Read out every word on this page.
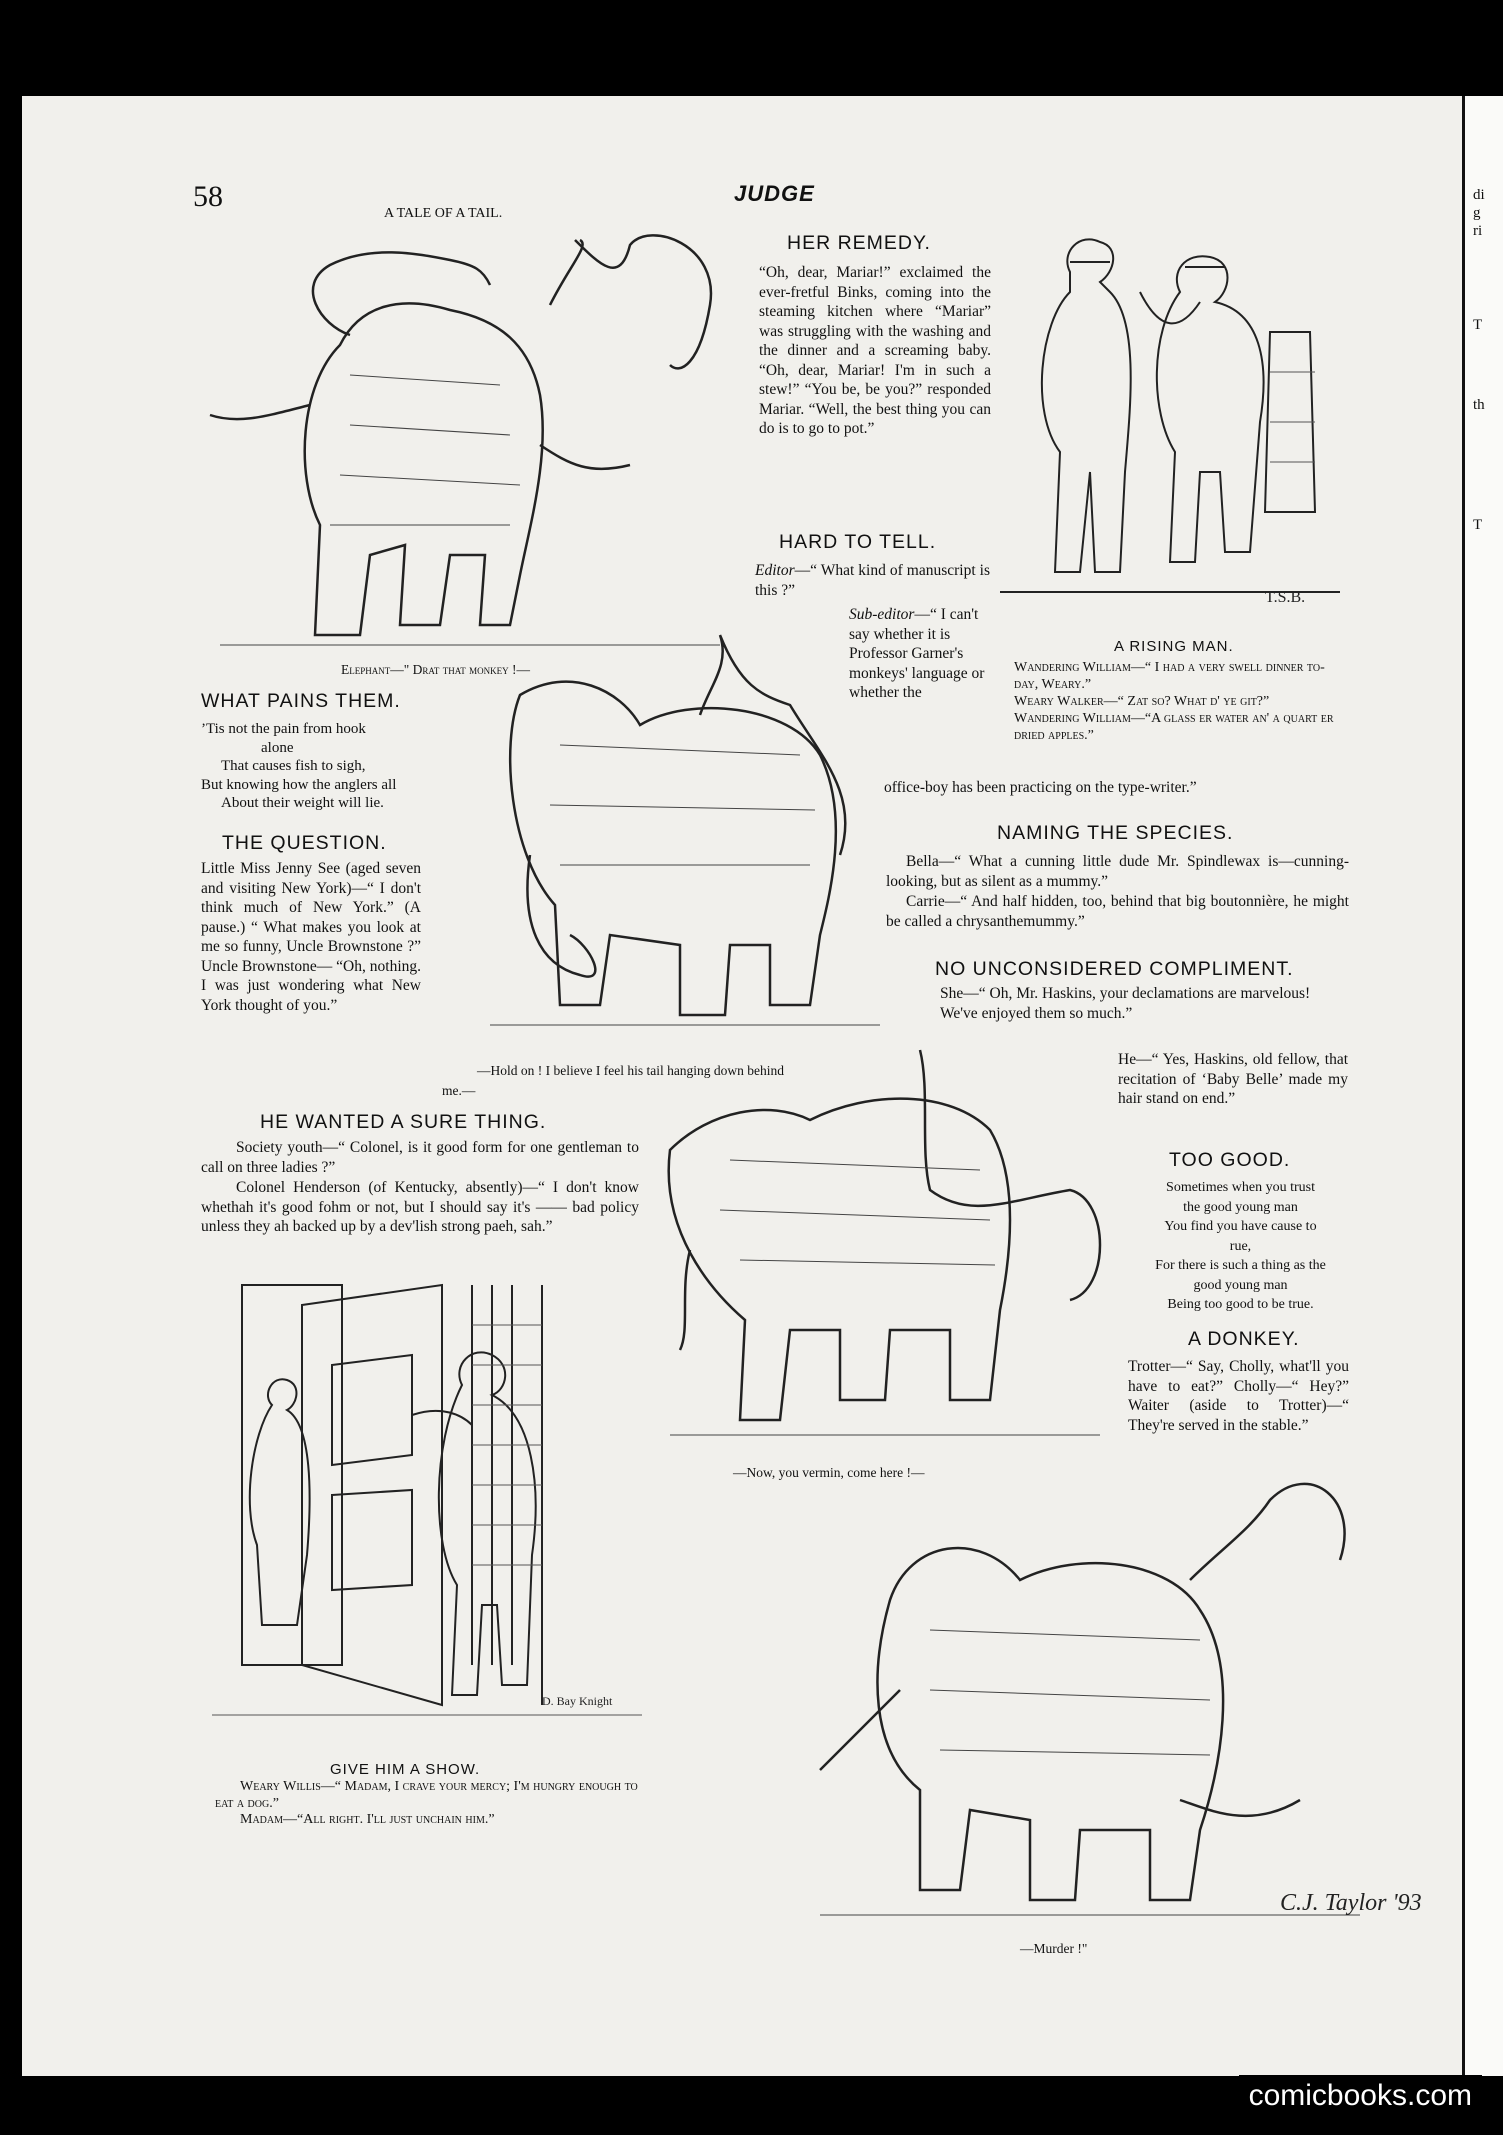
di
g
ri
T
th
T
58	JUDGE
A TALE OF A TAIL.
Elephant—" Drat that monkey !—
—Hold on ! I believe I feel his tail hanging down behind
me.—
—Now, you vermin, come here !—
C.J. Taylor '93
—Murder !"
HER REMEDY.
“Oh, dear, Mariar!” exclaimed the ever-fretful Binks, coming into the steaming kitchen where “Mariar” was struggling with the washing and the dinner and a screaming baby. “Oh, dear, Mariar! I'm in such a stew!” “You be, be you?” responded Mariar. “Well, the best thing you can do is to go to pot.”
HARD TO TELL.
Editor—“ What kind of manuscript is this ?”
Sub-editor—“ I can't say whether it is Professor Garner's monkeys' language or whether the
office-boy has been practicing on the type-writer.”
T.S.B.
A RISING MAN.
Wandering William—“ I had a very swell dinner to-day, Weary.”
Weary Walker—“ Zat so? What d' ye git?”
Wandering William—“A glass er water an' a quart er dried apples.”
WHAT PAINS THEM.
’Tis not the pain from hook
alone
That causes fish to sigh,
But knowing how the anglers all
About their weight will lie.
THE QUESTION.
Little Miss Jenny See (aged seven and visiting New York)—“ I don't think much of New York.” (A pause.) “ What makes you look at me so funny, Uncle Brownstone ?” Uncle Brownstone— “Oh, nothing. I was just wondering what New York thought of you.”
NAMING THE SPECIES.
Bella—“ What a cunning little dude Mr. Spindlewax is—cunning-looking, but as silent as a mummy.”
Carrie—“ And half hidden, too, behind that big boutonnière, he might be called a chrysanthemummy.”
NO UNCONSIDERED COMPLIMENT.
She—“ Oh, Mr. Haskins, your declamations are marvelous! We've enjoyed them so much.”
He—“ Yes, Haskins, old fellow, that recitation of ‘Baby Belle’ made my hair stand on end.”
TOO GOOD.
Sometimes when you trust
the good young man
You find you have cause to
rue,
For there is such a thing as the
good young man
Being too good to be true.
A DONKEY.
Trotter—“ Say, Cholly, what'll you have to eat?” Cholly—“ Hey?” Waiter (aside to Trotter)—“ They're served in the stable.”
HE WANTED A SURE THING.
Society youth—“ Colonel, is it good form for one gentleman to call on three ladies ?”
Colonel Henderson (of Kentucky, absently)—“ I don't know whethah it's good fohm or not, but I should say it's —— bad policy unless they ah backed up by a dev'lish strong paeh, sah.”
D. Bay Knight
GIVE HIM A SHOW.
Weary Willis—“ Madam, I crave your mercy; I'm hungry enough to eat a dog.”
Madam—“All right. I'll just unchain him.”
comicbooks.com
